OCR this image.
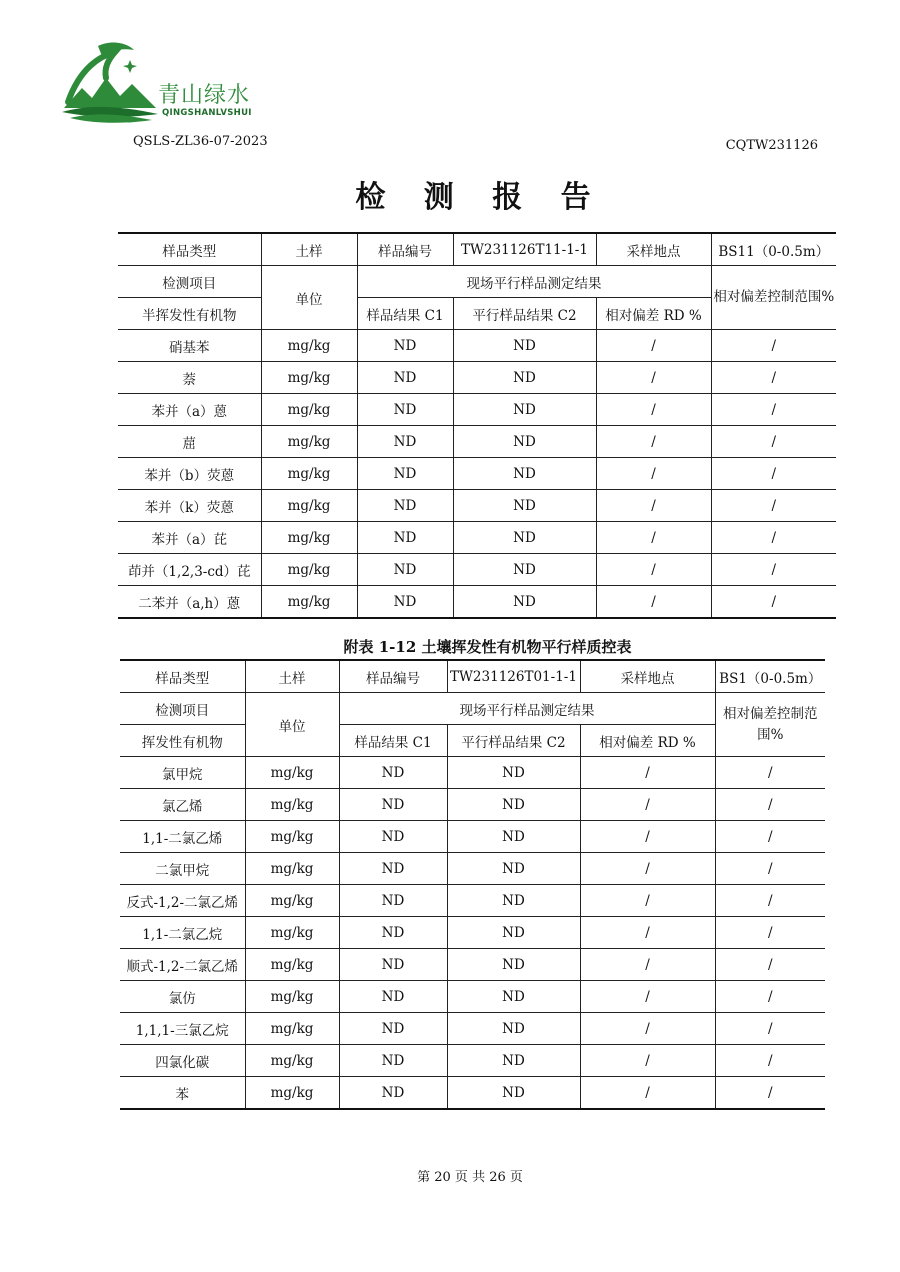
青山绿水
QINGSHANLVSHUI
QSLS-ZL36-07-2023	CQTW231126
检 测 报 告
样品类型	土样	样品编号	TW231126T11-1-1	采样地点	BS11（0-0.5m）
检测项目	单位	现场平行样品测定结果			相对偏差控制范围%
半挥发性有机物		样品结果 C1	平行样品结果 C2	相对偏差 RD %	
硝基苯	mg/kg	ND	ND	/	/
萘	mg/kg	ND	ND	/	/
苯并（a）蒽	mg/kg	ND	ND	/	/
䓛	mg/kg	ND	ND	/	/
苯并（b）荧蒽	mg/kg	ND	ND	/	/
苯并（k）荧蒽	mg/kg	ND	ND	/	/
苯并（a）芘	mg/kg	ND	ND	/	/
茚并（1,2,3-cd）芘	mg/kg	ND	ND	/	/
二苯并（a,h）蒽	mg/kg	ND	ND	/	/
附表 1-12 土壤挥发性有机物平行样质控表
样品类型	土样	样品编号	TW231126T01-1-1	采样地点	BS1（0-0.5m）
检测项目	单位	现场平行样品测定结果			相对偏差控制范围%
挥发性有机物		样品结果 C1	平行样品结果 C2	相对偏差 RD %	
氯甲烷	mg/kg	ND	ND	/	/
氯乙烯	mg/kg	ND	ND	/	/
1,1-二氯乙烯	mg/kg	ND	ND	/	/
二氯甲烷	mg/kg	ND	ND	/	/
反式-1,2-二氯乙烯	mg/kg	ND	ND	/	/
1,1-二氯乙烷	mg/kg	ND	ND	/	/
顺式-1,2-二氯乙烯	mg/kg	ND	ND	/	/
氯仿	mg/kg	ND	ND	/	/
1,1,1-三氯乙烷	mg/kg	ND	ND	/	/
四氯化碳	mg/kg	ND	ND	/	/
苯	mg/kg	ND	ND	/	/
第 20 页 共 26 页
